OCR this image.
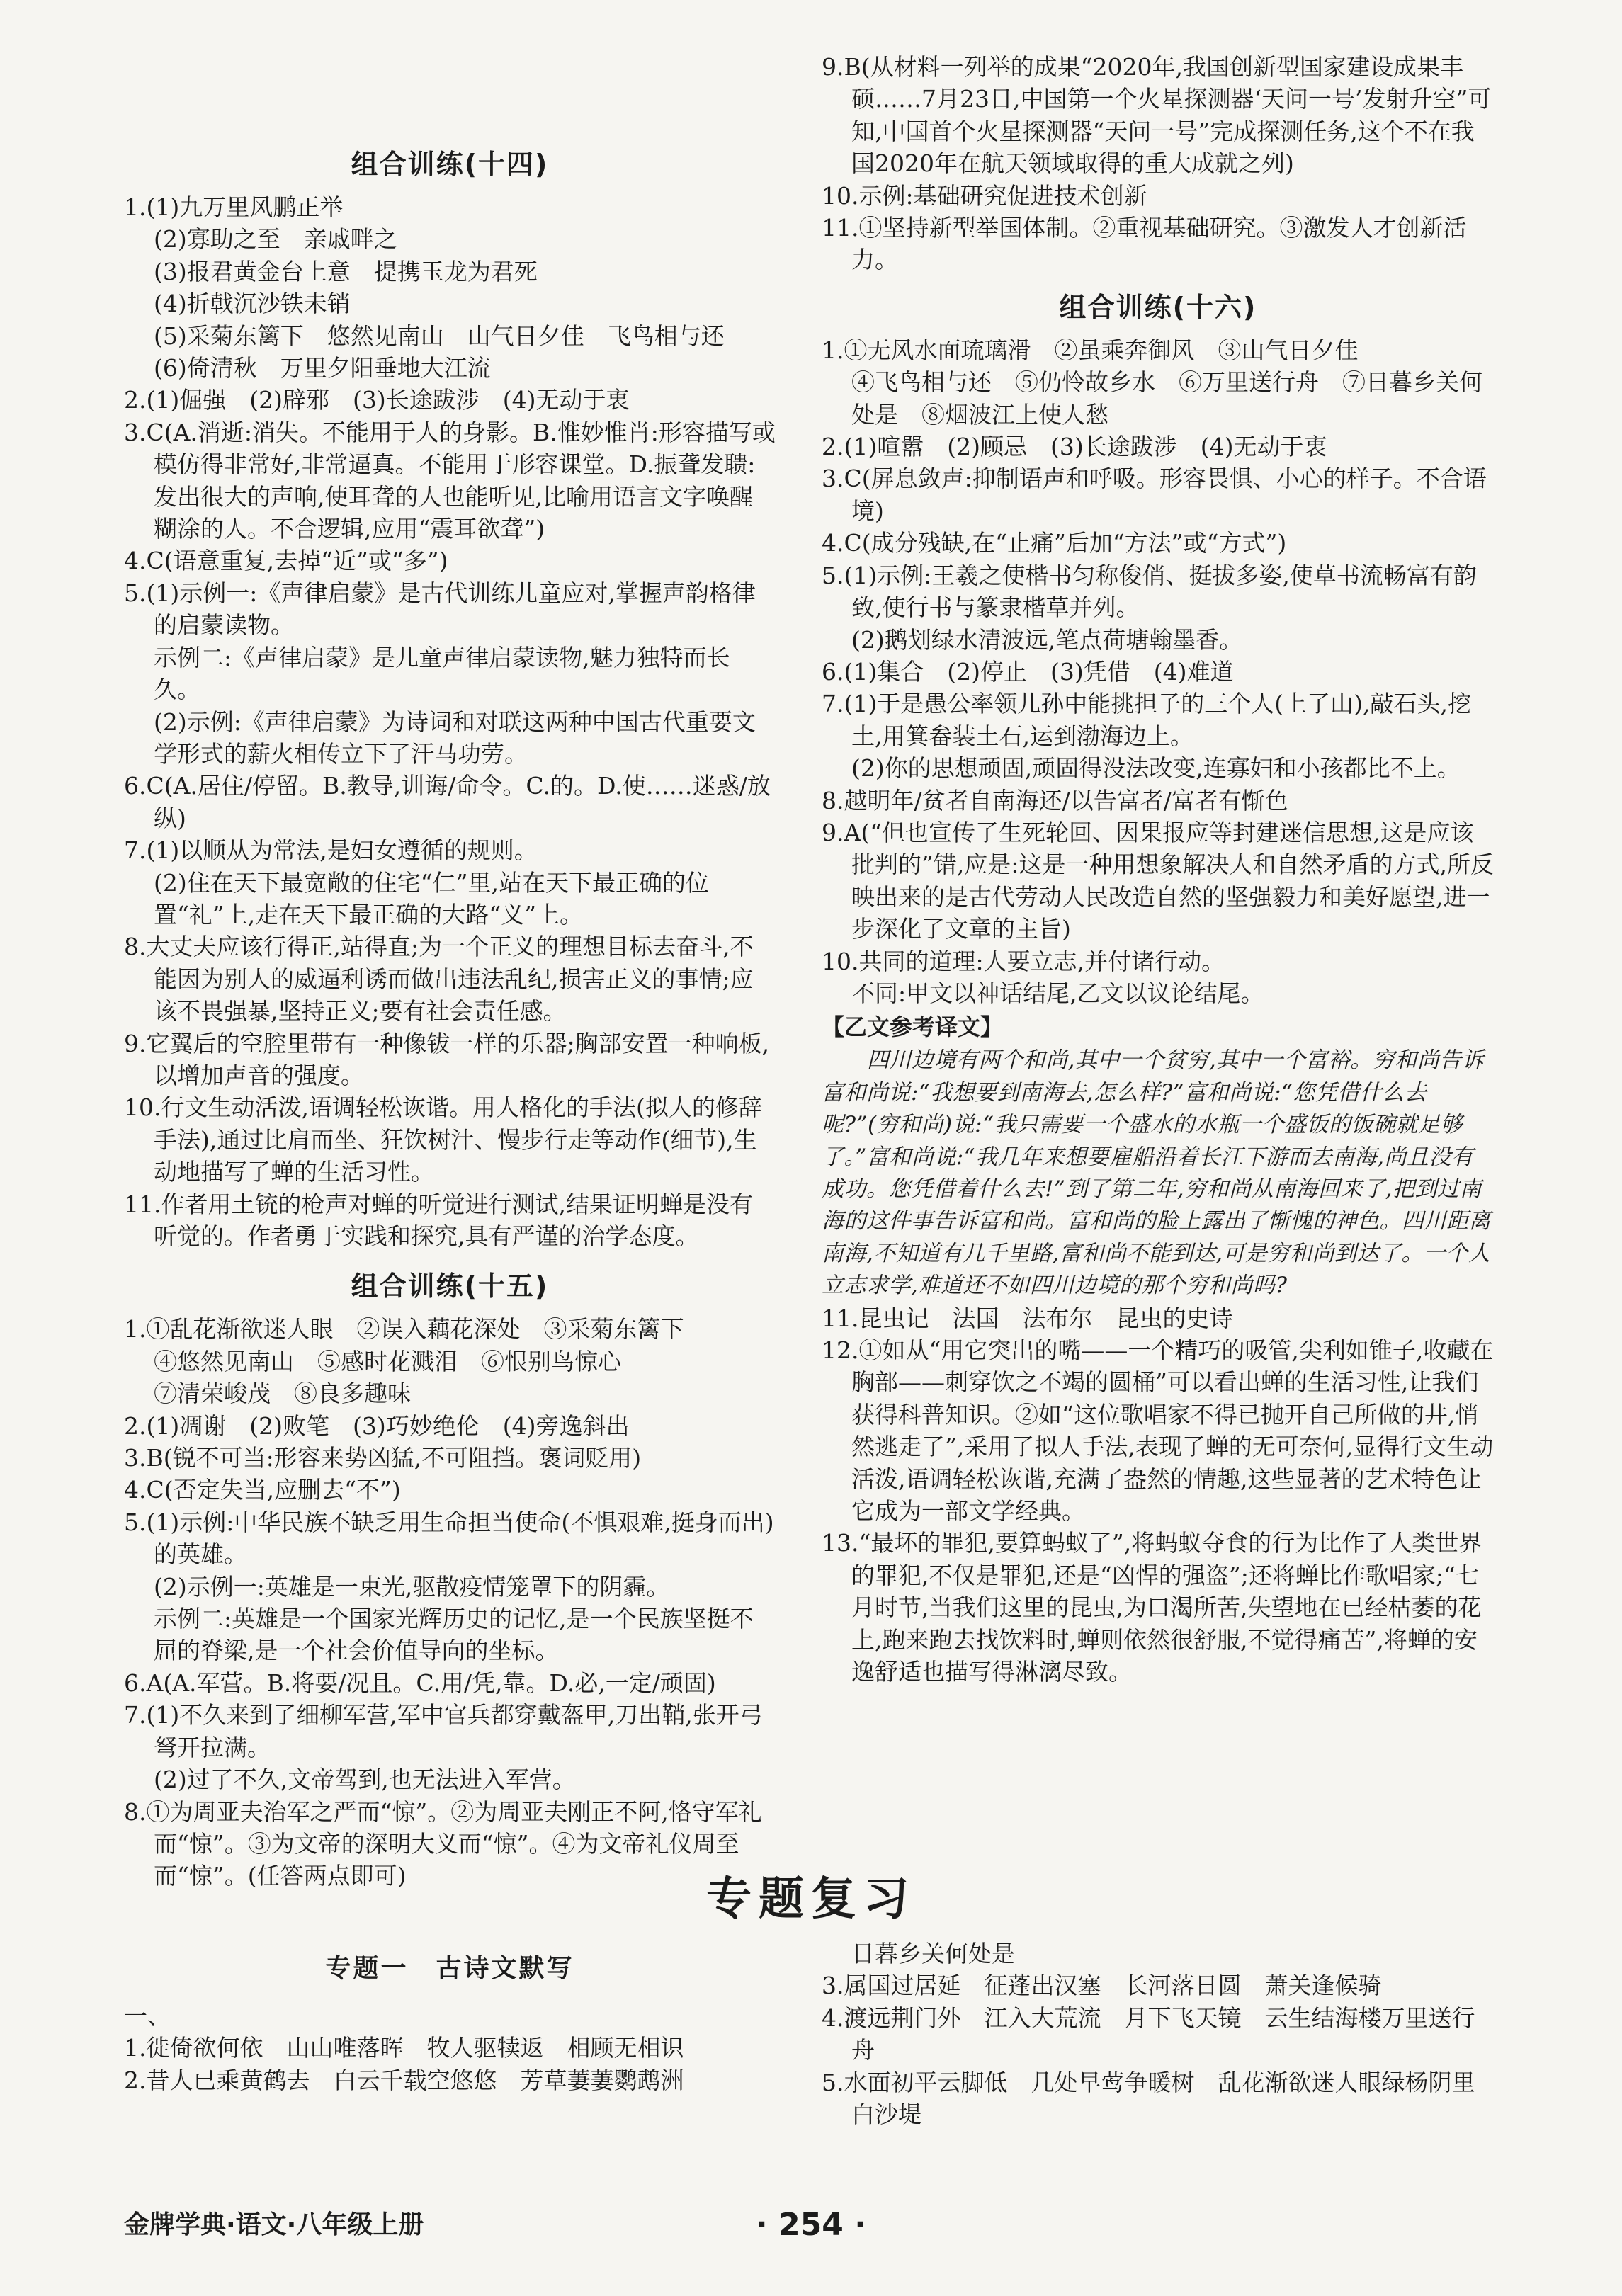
组合训练(十四)

1.(1)九万里风鹏正举

(2)寡助之至　亲戚畔之

(3)报君黄金台上意　提携玉龙为君死

(4)折戟沉沙铁未销

(5)采菊东篱下　悠然见南山　山气日夕佳　飞鸟相与还

(6)倚清秋　万里夕阳垂地大江流

2.(1)倔强　(2)辟邪　(3)长途跋涉　(4)无动于衷

3.C(A.消逝:消失。不能用于人的身影。B.惟妙惟肖:形容描写或模仿得非常好,非常逼真。不能用于形容课堂。D.振聋发聩:发出很大的声响,使耳聋的人也能听见,比喻用语言文字唤醒糊涂的人。不合逻辑,应用“震耳欲聋”)

4.C(语意重复,去掉“近”或“多”)

5.(1)示例一:《声律启蒙》是古代训练儿童应对,掌握声韵格律的启蒙读物。

示例二:《声律启蒙》是儿童声律启蒙读物,魅力独特而长久。

(2)示例:《声律启蒙》为诗词和对联这两种中国古代重要文学形式的薪火相传立下了汗马功劳。

6.C(A.居住/停留。B.教导,训诲/命令。C.的。D.使……迷惑/放纵)

7.(1)以顺从为常法,是妇女遵循的规则。

(2)住在天下最宽敞的住宅“仁”里,站在天下最正确的位置“礼”上,走在天下最正确的大路“义”上。

8.大丈夫应该行得正,站得直;为一个正义的理想目标去奋斗,不能因为别人的威逼利诱而做出违法乱纪,损害正义的事情;应该不畏强暴,坚持正义;要有社会责任感。

9.它翼后的空腔里带有一种像钹一样的乐器;胸部安置一种响板,以增加声音的强度。

10.行文生动活泼,语调轻松诙谐。用人格化的手法(拟人的修辞手法),通过比肩而坐、狂饮树汁、慢步行走等动作(细节),生动地描写了蝉的生活习性。

11.作者用土铳的枪声对蝉的听觉进行测试,结果证明蝉是没有听觉的。作者勇于实践和探究,具有严谨的治学态度。

组合训练(十五)

1.①乱花渐欲迷人眼　②误入藕花深处　③采菊东篱下

④悠然见南山　⑤感时花溅泪　⑥恨别鸟惊心

⑦清荣峻茂　⑧良多趣味

2.(1)凋谢　(2)败笔　(3)巧妙绝伦　(4)旁逸斜出

3.B(锐不可当:形容来势凶猛,不可阻挡。褒词贬用)

4.C(否定失当,应删去“不”)

5.(1)示例:中华民族不缺乏用生命担当使命(不惧艰难,挺身而出)的英雄。

(2)示例一:英雄是一束光,驱散疫情笼罩下的阴霾。

示例二:英雄是一个国家光辉历史的记忆,是一个民族坚挺不屈的脊梁,是一个社会价值导向的坐标。

6.A(A.军营。B.将要/况且。C.用/凭,靠。D.必,一定/顽固)

7.(1)不久来到了细柳军营,军中官兵都穿戴盔甲,刀出鞘,张开弓弩开拉满。

(2)过了不久,文帝驾到,也无法进入军营。

8.①为周亚夫治军之严而“惊”。②为周亚夫刚正不阿,恪守军礼而“惊”。③为文帝的深明大义而“惊”。④为文帝礼仪周至而“惊”。(任答两点即可)

9.B(从材料一列举的成果“2020年,我国创新型国家建设成果丰硕……7月23日,中国第一个火星探测器‘天问一号’发射升空”可知,中国首个火星探测器“天问一号”完成探测任务,这个不在我国2020年在航天领域取得的重大成就之列)

10.示例:基础研究促进技术创新

11.①坚持新型举国体制。②重视基础研究。③激发人才创新活力。

组合训练(十六)

1.①无风水面琉璃滑　②虽乘奔御风　③山气日夕佳

④飞鸟相与还　⑤仍怜故乡水　⑥万里送行舟　⑦日暮乡关何处是　⑧烟波江上使人愁

2.(1)喧嚣　(2)顾忌　(3)长途跋涉　(4)无动于衷

3.C(屏息敛声:抑制语声和呼吸。形容畏惧、小心的样子。不合语境)

4.C(成分残缺,在“止痛”后加“方法”或“方式”)

5.(1)示例:王羲之使楷书匀称俊俏、挺拔多姿,使草书流畅富有韵致,使行书与篆隶楷草并列。

(2)鹅划绿水清波远,笔点荷塘翰墨香。

6.(1)集合　(2)停止　(3)凭借　(4)难道

7.(1)于是愚公率领儿孙中能挑担子的三个人(上了山),敲石头,挖土,用箕畚装土石,运到渤海边上。

(2)你的思想顽固,顽固得没法改变,连寡妇和小孩都比不上。

8.越明年/贫者自南海还/以告富者/富者有惭色

9.A(“但也宣传了生死轮回、因果报应等封建迷信思想,这是应该批判的”错,应是:这是一种用想象解决人和自然矛盾的方式,所反映出来的是古代劳动人民改造自然的坚强毅力和美好愿望,进一步深化了文章的主旨)

10.共同的道理:人要立志,并付诸行动。

不同:甲文以神话结尾,乙文以议论结尾。

【乙文参考译文】

四川边境有两个和尚,其中一个贫穷,其中一个富裕。穷和尚告诉富和尚说:“我想要到南海去,怎么样?”富和尚说:“您凭借什么去呢?”(穷和尚)说:“我只需要一个盛水的水瓶一个盛饭的饭碗就足够了。”富和尚说:“我几年来想要雇船沿着长江下游而去南海,尚且没有成功。您凭借着什么去!”到了第二年,穷和尚从南海回来了,把到过南海的这件事告诉富和尚。富和尚的脸上露出了惭愧的神色。四川距离南海,不知道有几千里路,富和尚不能到达,可是穷和尚到达了。一个人立志求学,难道还不如四川边境的那个穷和尚吗?

11.昆虫记　法国　法布尔　昆虫的史诗

12.①如从“用它突出的嘴——一个精巧的吸管,尖利如锥子,收藏在胸部——刺穿饮之不竭的圆桶”可以看出蝉的生活习性,让我们获得科普知识。②如“这位歌唱家不得已抛开自己所做的井,悄然逃走了”,采用了拟人手法,表现了蝉的无可奈何,显得行文生动活泼,语调轻松诙谐,充满了盎然的情趣,这些显著的艺术特色让它成为一部文学经典。

13.“最坏的罪犯,要算蚂蚁了”,将蚂蚁夺食的行为比作了人类世界的罪犯,不仅是罪犯,还是“凶悍的强盗”;还将蝉比作歌唱家;“七月时节,当我们这里的昆虫,为口渴所苦,失望地在已经枯萎的花上,跑来跑去找饮料时,蝉则依然很舒服,不觉得痛苦”,将蝉的安逸舒适也描写得淋漓尽致。

专题复习
专题一　古诗文默写

一、

1.徙倚欲何依　山山唯落晖　牧人驱犊返　相顾无相识

2.昔人已乘黄鹤去　白云千载空悠悠　芳草萋萋鹦鹉洲

日暮乡关何处是

3.属国过居延　征蓬出汉塞　长河落日圆　萧关逢候骑

4.渡远荆门外　江入大荒流　月下飞天镜　云生结海楼万里送行舟

5.水面初平云脚低　几处早莺争暖树　乱花渐欲迷人眼绿杨阴里白沙堤

金牌学典·语文·八年级上册	· 254 ·
